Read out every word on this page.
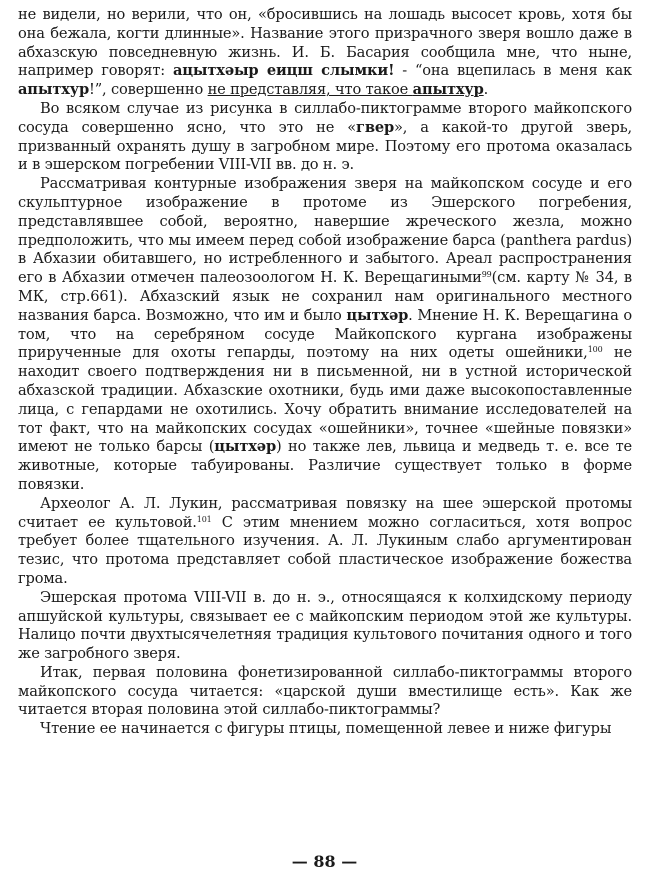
не видели, но верили, что он, «бросившись на лошадь высосет кровь, хотя бы она бежала, когти длинные». Название этого призрачного зверя вошло даже в абхазскую повседневную жизнь. И. Б. Басария сообщила мне, что ныне, например говорят: ацытхәыр еицш слымки! - “она вцепилась в меня как апытхур!”, совершенно не представляя, что такое апытхур.

Во всяком случае из рисунка в силлабо-пиктограмме второго майкопского сосуда совершенно ясно, что это не «гвер», а какой-то другой зверь, призванный охранять душу в загробном мире. Поэтому его протома оказалась и в эшерском погребении VIII-VII вв. до н. э.

Рассматривая контурные изображения зверя на майкопском сосуде и его скульптурное изображение в протоме из Эшерского погребения, представлявшее собой, вероятно, навершие жреческого жезла, можно предположить, что мы имеем перед собой изображение барса (panthera pardus) в Абхазии обитавшего, но истребленного и забытого. Ареал распространения его в Абхазии отмечен палеозоологом Н. К. Верещагиными$^{99}$(см. карту № 34, в МК, стр.661). Абхазский язык не сохранил нам оригинального местного названия барса. Возможно, что им и было цытхәр. Мнение Н. К. Верещагина о том, что на серебряном сосуде Майкопского кургана изображены прирученные для охоты гепарды, поэтому на них одеты ошейники,$^{100}$ не находит своего подтверждения ни в письменной, ни в устной исторической абхазской традиции. Абхазские охотники, будь ими даже высокопоставленные лица, с гепардами не охотились. Хочу обратить внимание исследователей на тот факт, что на майкопских сосудах «ошейники», точнее «шейные повязки» имеют не только барсы (цытхәр) но также лев, львица и медведь т. е. все те животные, которые табуированы. Различие существует только в форме повязки.

Археолог А. Л. Лукин, рассматривая повязку на шее эшерской протомы считает ее культовой.$^{101}$ С этим мнением можно согласиться, хотя вопрос требует более тщательного изучения. А. Л. Лукиным слабо аргументирован тезис, что протома представляет собой пластическое изображение божества грома.

Эшерская протома VIII-VII в. до н. э., относящаяся к колхидскому периоду апшуйской культуры, связывает ее с майкопским периодом этой же культуры. Налицо почти двухтысячелетняя традиция культового почитания одного и того же загробного зверя.

Итак, первая половина фонетизированной силлабо-пиктограммы второго майкопского сосуда читается: «царской души вместилище есть». Как же читается вторая половина этой силлабо-пиктограммы?

Чтение ее начинается с фигуры птицы, помещенной левее и ниже фигуры

— 88 —
